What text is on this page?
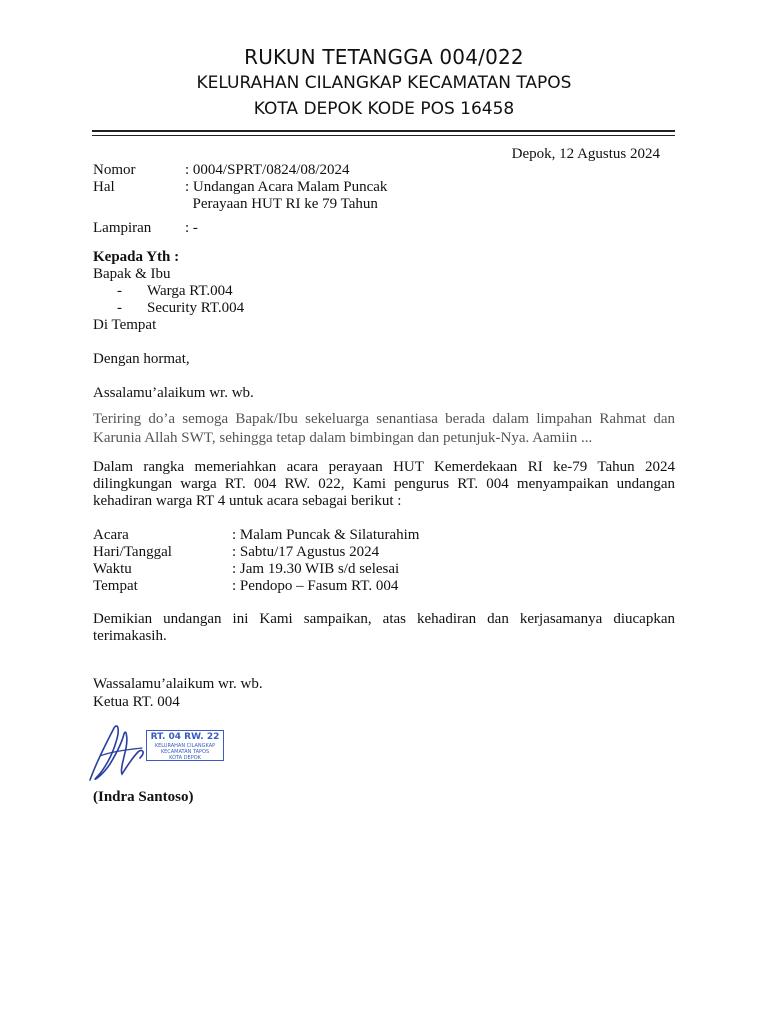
RUKUN TETANGGA 004/022
KELURAHAN CILANGKAP KECAMATAN TAPOS
KOTA DEPOK KODE POS 16458
Depok, 12 Agustus 2024
Nomor	: 0004/SPRT/0824/08/2024
Hal	: Undangan Acara Malam Puncak
Perayaan HUT RI ke 79 Tahun
Lampiran	: -
Kepada Yth :
Bapak & Ibu
-	Warga RT.004
-	Security RT.004
Di Tempat
Dengan hormat,
Assalamu’alaikum wr. wb.
Teriring do’a semoga Bapak/Ibu sekeluarga senantiasa berada dalam limpahan Rahmat dan Karunia Allah SWT, sehingga tetap dalam bimbingan dan petunjuk-Nya. Aamiin ...
Dalam rangka memeriahkan acara perayaan HUT Kemerdekaan RI ke-79 Tahun 2024 dilingkungan warga RT. 004 RW. 022, Kami pengurus RT. 004 menyampaikan undangan kehadiran warga RT 4 untuk acara sebagai berikut :
Acara	: Malam Puncak & Silaturahim
Hari/Tanggal	: Sabtu/17 Agustus 2024
Waktu	: Jam 19.30 WIB s/d selesai
Tempat	: Pendopo – Fasum RT. 004
Demikian undangan ini Kami sampaikan, atas kehadiran dan kerjasamanya diucapkan terimakasih.
Wassalamu’alaikum wr. wb.
Ketua RT. 004
RT. 04 RW. 22
KELURAHAN CILANGKAP
KECAMATAN TAPOS
KOTA DEPOK
(Indra Santoso)
